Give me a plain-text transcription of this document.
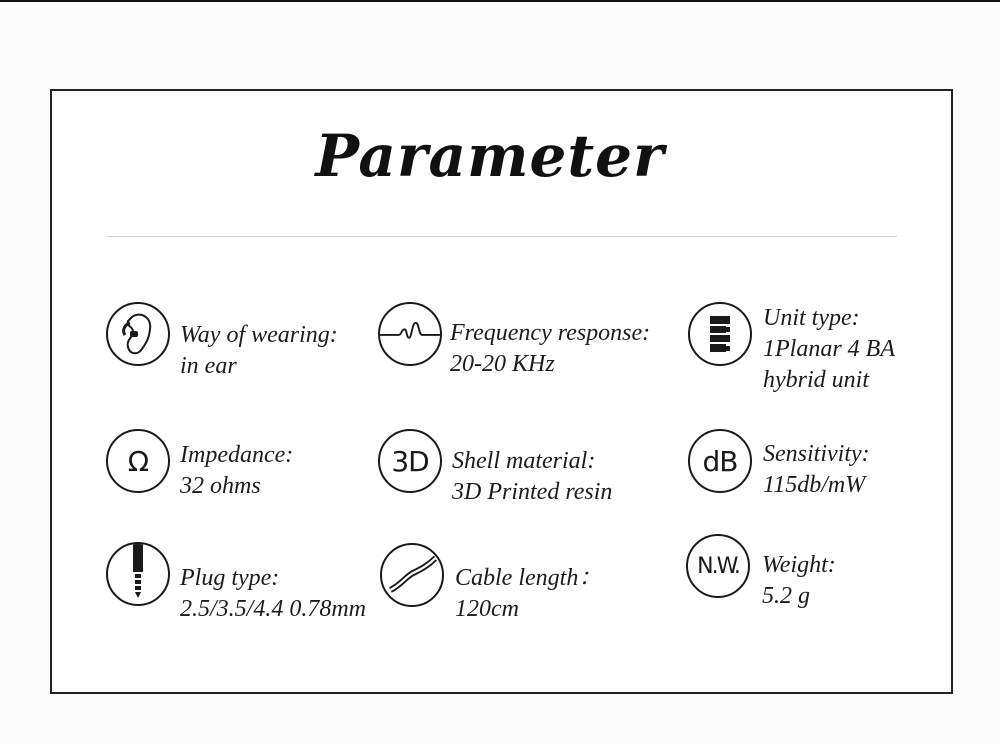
Parameter
Way of wearing:
in ear
Frequency response:
20-20 KHz
Unit type:
1Planar 4 BA
hybrid unit
Ω	Impedance:
32 ohms
3D Shell material:
3D Printed resin
dB	Sensitivity:
115db/mW
Plug type:
2.5/3.5/4.4 0.78mm
Cable length：
120cm
N.W. Weight:
5.2 g
